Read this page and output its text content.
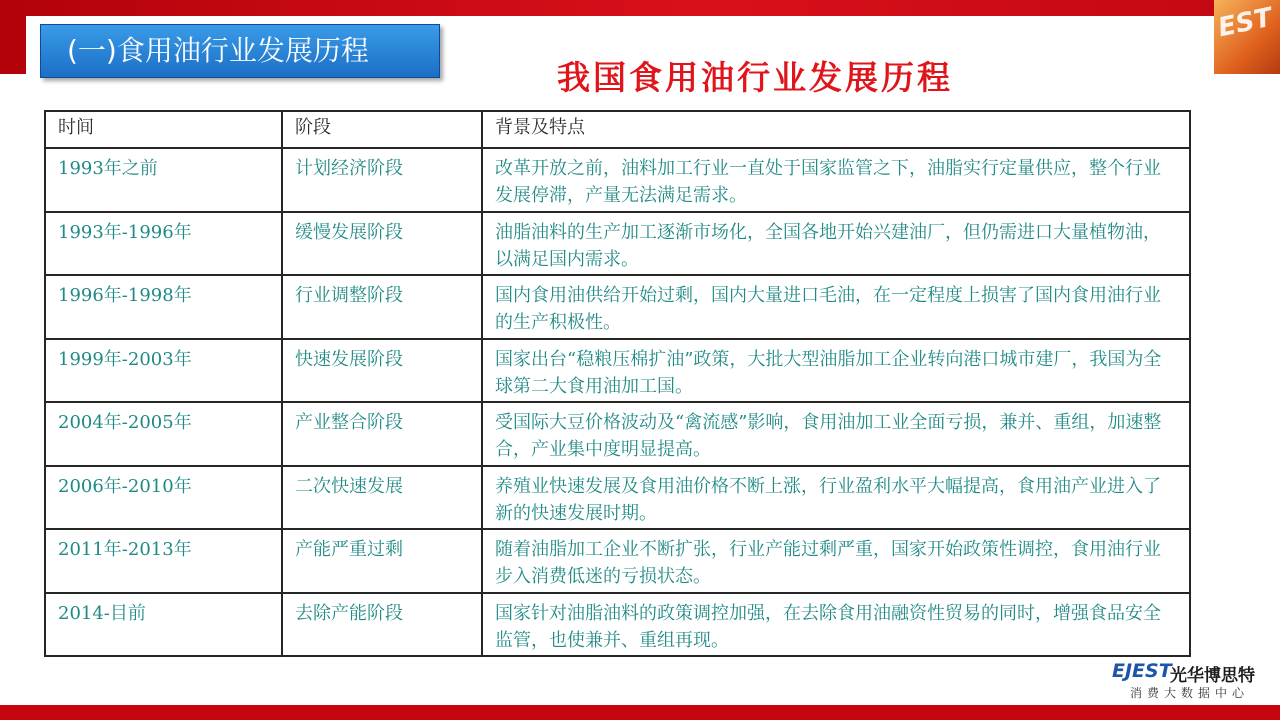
EST
(一)食用油行业发展历程
我国食用油行业发展历程
时间	阶段	背景及特点
1993年之前	计划经济阶段	改革开放之前，油料加工行业一直处于国家监管之下，油脂实行定量供应，整个行业发展停滞，产量无法满足需求。
1993年-1996年	缓慢发展阶段	油脂油料的生产加工逐渐市场化，全国各地开始兴建油厂，但仍需进口大量植物油，以满足国内需求。
1996年-1998年	行业调整阶段	国内食用油供给开始过剩，国内大量进口毛油，在一定程度上损害了国内食用油行业的生产积极性。
1999年-2003年	快速发展阶段	国家出台“稳粮压棉扩油”政策，大批大型油脂加工企业转向港口城市建厂，我国为全球第二大食用油加工国。
2004年-2005年	产业整合阶段	受国际大豆价格波动及“禽流感”影响，食用油加工业全面亏损，兼并、重组，加速整合，产业集中度明显提高。
2006年-2010年	二次快速发展	养殖业快速发展及食用油价格不断上涨，行业盈利水平大幅提高，食用油产业进入了新的快速发展时期。
2011年-2013年	产能严重过剩	随着油脂加工企业不断扩张，行业产能过剩严重，国家开始政策性调控，食用油行业步入消费低迷的亏损状态。
2014-目前	去除产能阶段	国家针对油脂油料的政策调控加强，在去除食用油融资性贸易的同时，增强食品安全监管，也使兼并、重组再现。
EJEST
光华博思特
消费大数据中心
